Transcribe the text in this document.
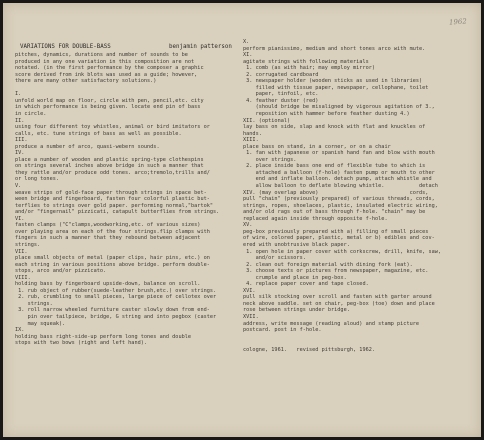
1962

pitches, dynamics, durations and number of sounds to be
produced in any one variation in this composition are not
notated. (in the first performance by the composer a graphic
score derived from ink blots was used as a guide; however,
there are many other satisfactory solutions.)

I.
unfold world map on floor, circle with pen, pencil,etc. city
in which performance is being given. locate end pin of bass
in circle.
II.
using four different toy whistles, animal or bird imitators or
calls, etc. tune strings of bass as well as possible.
III.
produce a number of arco, quasi-webern sounds.
IV.
place a number of wooden and plastic spring-type clothespins
on strings several inches above bridge in such a manner that
they rattle and/or produce odd tones. arco;tremolo,trills and/
or long tones.
V.
weave strips of gold-face paper through strings in space bet-
ween bridge and fingerboard, fasten four colorful plastic but-
terflies to strings over gold paper. performing normal,"bartok"
and/or "fingernail" pizzicati, catapult butterflies from strings.
VI.
fasten clamps ("C"clamps,woodworking,etc. of various sizes)
over playing area on each of the four strings.flip clamps with
fingers in such a manner that they rebound between adjacent
strings.
VII.
place small objects of metal (paper clips, hair pins, etc.) on
each string in various positions above bridge. perform double-
stops, arco and/or pizzicato.
VIII.
holding bass by fingerboard upside-down, balance on scroll.
1. rub object of rubber(suede-leather brush,etc.) over strings.
2. rub, crumbling to small pieces, large piece of cellotex over
strings.
3. roll narrow wheeled furniture caster slowly down from end-
pin over tailpiece, bridge, G string and into pegbox (caster
may squeak).
IX.
holding bass right-side-up perform long tones and double
stops with two bows (right and left hand).
VARIATIONS FOR DOUBLE-BASS	benjamin patterson
X.
perform pianissimo, medium and short tones arco with mute.
XI.
agitate strings with following materials
1. comb (as with hair; may employ mirror)
2. corrugated cardboard
3. newspaper holder (wooden sticks as used in libraries)
filled with tissue paper, newspaper, cellophane, toilet
paper, tinfoil, etc.
4. feather duster (red)
(should bridge be misaligned by vigorous agitation of 3.,
reposition with hammer before feather dusting 4.)
XII. (optional)
lay bass on side, slap and knock with flat and knuckles of
hands.
XIII.
place bass on stand, in a corner, or on a chair
1. fan with japanese or spanish hand fan and blow with mouth
over strings.
2. place inside bass one end of flexible tube to which is
attached a balloon (f-hole) fasten pump or mouth to other
end and inflate balloon. detach pump, attach whistle and
allow balloon to deflate blowing whistle.           detach
XIV. (may overlap above)                             cords,
pull "chain" (previously prepared) of various threads, cords,
strings, ropes, shoelaces, plastic, insulated electric wiring,
and/or old rags out of bass through f-hole. "chain" may be
replaced again inside through opposite f-hole.
XV.
peg-box previously prepared with a) filling of small pieces
of wire, colored paper, plastic, metal or b) edibles and cov-
ered with unobtrusive black paper.
1. open hole in paper cover with corkscrew, drill, knife, saw,
and/or scissors.
2. clean out foreign material with dining fork (eat).
3. choose texts or pictures from newspaper, magazine, etc.
crumple and place in peg-box.
4. replace paper cover and tape closed.
XVI.
pull silk stocking over scroll and fasten with garter around
neck above saddle. set on chair, peg-box (toe) down and place
rose between strings under bridge.
XVII.
address, write message (reading aloud) and stamp picture
postcard. post in f-hole.

cologne, 1961.   revised pittsburgh, 1962.
